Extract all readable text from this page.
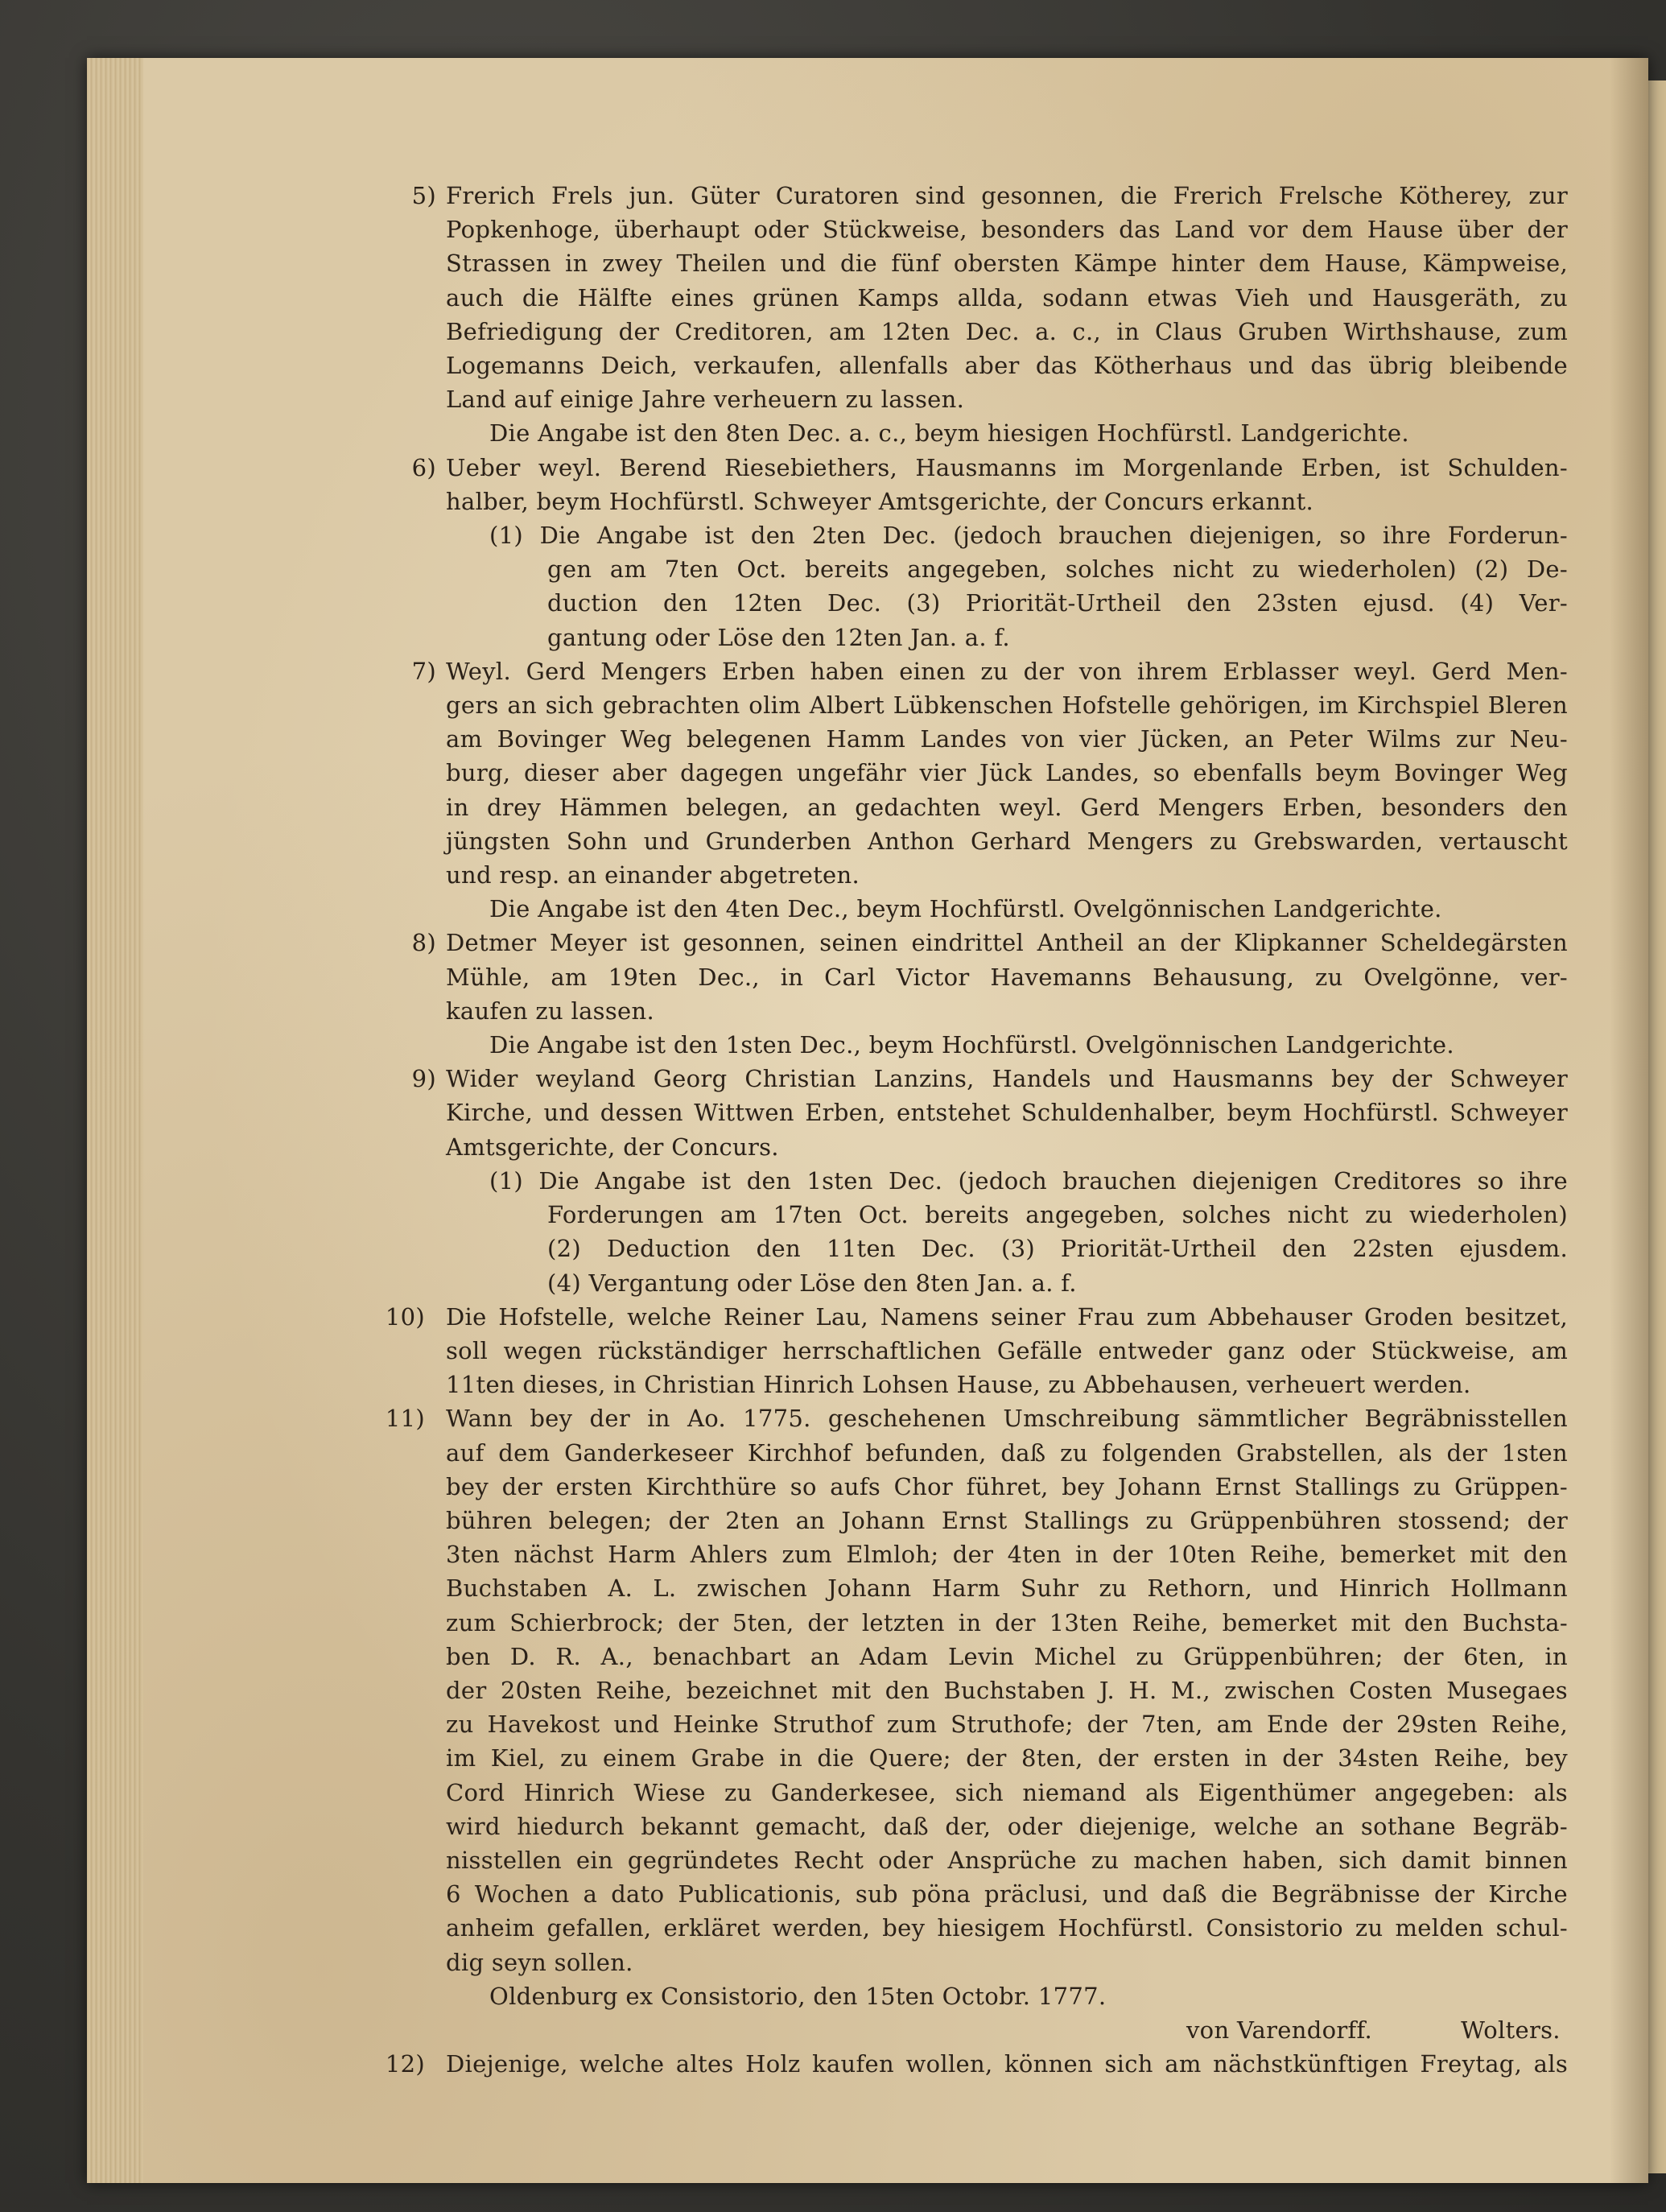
5) Frerich Frels jun. Güter Curatoren sind gesonnen, die Frerich Frelsche Kötherey, zur
Popkenhoge, überhaupt oder Stückweise, besonders das Land vor dem Hause über der
Strassen in zwey Theilen und die fünf obersten Kämpe hinter dem Hause, Kämpweise,
auch die Hälfte eines grünen Kamps allda, sodann etwas Vieh und Hausgeräth, zu
Befriedigung der Creditoren, am 12ten Dec. a. c., in Claus Gruben Wirthshause, zum
Logemanns Deich, verkaufen, allenfalls aber das Kötherhaus und das übrig bleibende
Land auf einige Jahre verheuern zu lassen.
Die Angabe ist den 8ten Dec. a. c., beym hiesigen Hochfürstl. Landgerichte.
6) Ueber weyl. Berend Riesebiethers, Hausmanns im Morgenlande Erben, ist Schulden-
halber, beym Hochfürstl. Schweyer Amtsgerichte, der Concurs erkannt.
(1) Die Angabe ist den 2ten Dec. (jedoch brauchen diejenigen, so ihre Forderun-
gen am 7ten Oct. bereits angegeben, solches nicht zu wiederholen) (2) De-
duction den 12ten Dec. (3) Priorität-Urtheil den 23sten ejusd. (4) Ver-
gantung oder Löse den 12ten Jan. a. f.
7) Weyl. Gerd Mengers Erben haben einen zu der von ihrem Erblasser weyl. Gerd Men-
gers an sich gebrachten olim Albert Lübkenschen Hofstelle gehörigen, im Kirchspiel Bleren
am Bovinger Weg belegenen Hamm Landes von vier Jücken, an Peter Wilms zur Neu-
burg, dieser aber dagegen ungefähr vier Jück Landes, so ebenfalls beym Bovinger Weg
in drey Hämmen belegen, an gedachten weyl. Gerd Mengers Erben, besonders den
jüngsten Sohn und Grunderben Anthon Gerhard Mengers zu Grebswarden, vertauscht
und resp. an einander abgetreten.
Die Angabe ist den 4ten Dec., beym Hochfürstl. Ovelgönnischen Landgerichte.
8) Detmer Meyer ist gesonnen, seinen eindrittel Antheil an der Klipkanner Scheldegärsten
Mühle, am 19ten Dec., in Carl Victor Havemanns Behausung, zu Ovelgönne, ver-
kaufen zu lassen.
Die Angabe ist den 1sten Dec., beym Hochfürstl. Ovelgönnischen Landgerichte.
9) Wider weyland Georg Christian Lanzins, Handels und Hausmanns bey der Schweyer
Kirche, und dessen Wittwen Erben, entstehet Schuldenhalber, beym Hochfürstl. Schweyer
Amtsgerichte, der Concurs.
(1) Die Angabe ist den 1sten Dec. (jedoch brauchen diejenigen Creditores so ihre
Forderungen am 17ten Oct. bereits angegeben, solches nicht zu wiederholen)
(2) Deduction den 11ten Dec. (3) Priorität-Urtheil den 22sten ejusdem.
(4) Vergantung oder Löse den 8ten Jan. a. f.
10) Die Hofstelle, welche Reiner Lau, Namens seiner Frau zum Abbehauser Groden besitzet,
soll wegen rückständiger herrschaftlichen Gefälle entweder ganz oder Stückweise, am
11ten dieses, in Christian Hinrich Lohsen Hause, zu Abbehausen, verheuert werden.
11) Wann bey der in Ao. 1775. geschehenen Umschreibung sämmtlicher Begräbnisstellen
auf dem Ganderkeseer Kirchhof befunden, daß zu folgenden Grabstellen, als der 1sten
bey der ersten Kirchthüre so aufs Chor führet, bey Johann Ernst Stallings zu Grüppen-
bühren belegen; der 2ten an Johann Ernst Stallings zu Grüppenbühren stossend; der
3ten nächst Harm Ahlers zum Elmloh; der 4ten in der 10ten Reihe, bemerket mit den
Buchstaben A. L. zwischen Johann Harm Suhr zu Rethorn, und Hinrich Hollmann
zum Schierbrock; der 5ten, der letzten in der 13ten Reihe, bemerket mit den Buchsta-
ben D. R. A., benachbart an Adam Levin Michel zu Grüppenbühren; der 6ten, in
der 20sten Reihe, bezeichnet mit den Buchstaben J. H. M., zwischen Costen Musegaes
zu Havekost und Heinke Struthof zum Struthofe; der 7ten, am Ende der 29sten Reihe,
im Kiel, zu einem Grabe in die Quere; der 8ten, der ersten in der 34sten Reihe, bey
Cord Hinrich Wiese zu Ganderkesee, sich niemand als Eigenthümer angegeben: als
wird hiedurch bekannt gemacht, daß der, oder diejenige, welche an sothane Begräb-
nisstellen ein gegründetes Recht oder Ansprüche zu machen haben, sich damit binnen
6 Wochen a dato Publicationis, sub pöna präclusi, und daß die Begräbnisse der Kirche
anheim gefallen, erkläret werden, bey hiesigem Hochfürstl. Consistorio zu melden schul-
dig seyn sollen.
Oldenburg ex Consistorio, den 15ten Octobr. 1777.
von Varendorff.	Wolters.
12) Diejenige, welche altes Holz kaufen wollen, können sich am nächstkünftigen Freytag, als
